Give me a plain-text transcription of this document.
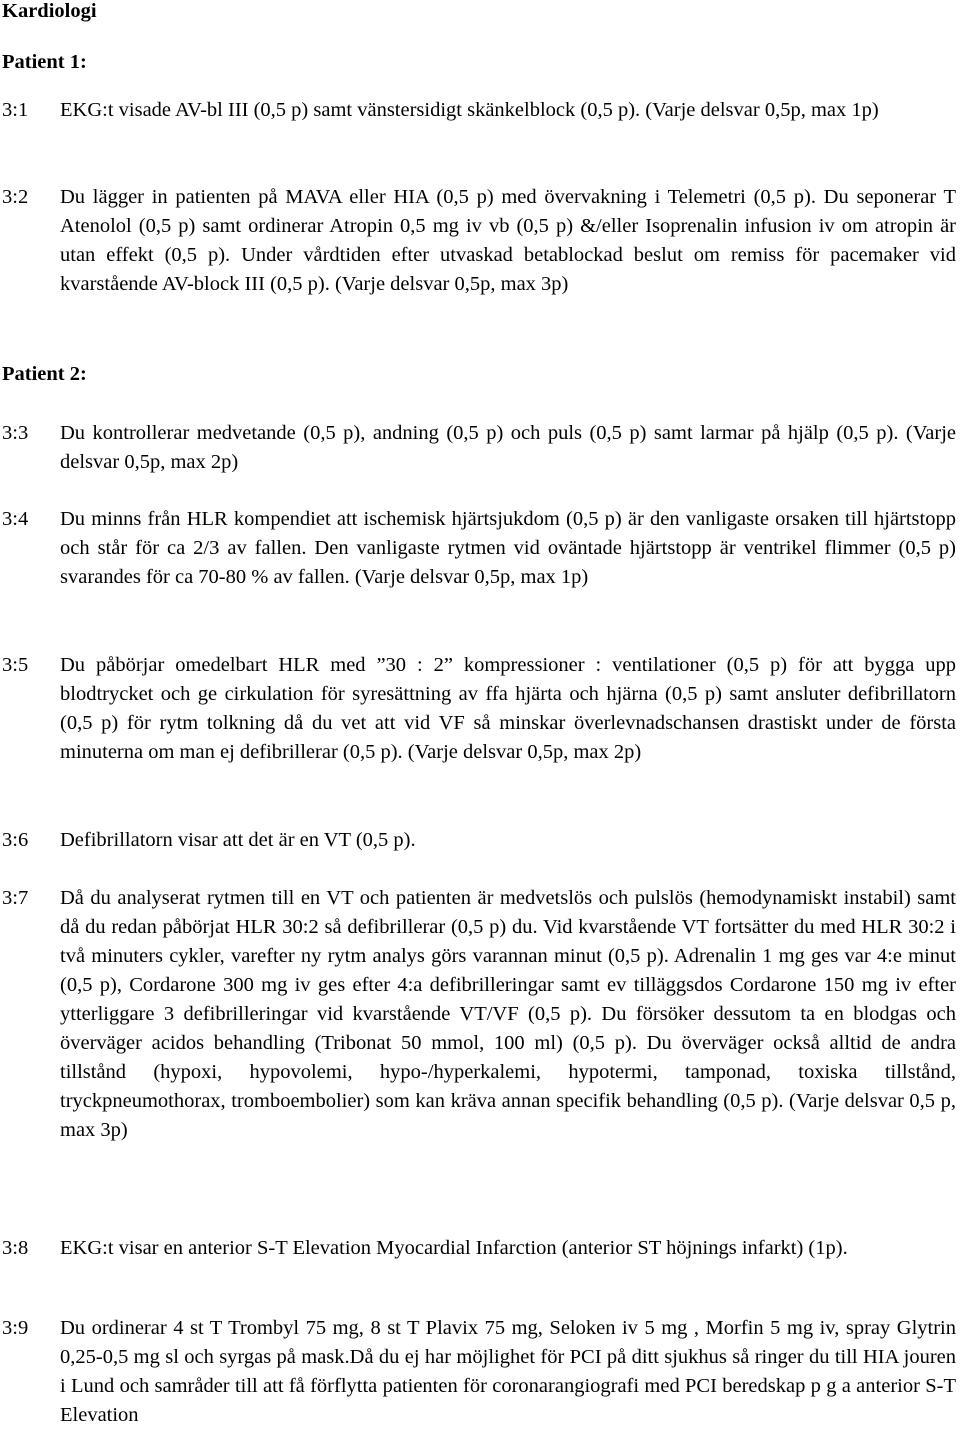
Kardiologi
Patient 1:
3:1 EKG:t visade AV-bl III (0,5 p) samt vänstersidigt skänkelblock (0,5 p). (Varje delsvar 0,5p, max 1p)
3:2 Du lägger in patienten på MAVA eller HIA (0,5 p) med övervakning i Telemetri (0,5 p). Du seponerar T Atenolol (0,5 p) samt ordinerar Atropin 0,5 mg iv vb (0,5 p) &/eller Isoprenalin infusion iv om atropin är utan effekt (0,5 p). Under vårdtiden efter utvaskad betablockad beslut om remiss för pacemaker vid kvarstående AV-block III (0,5 p). (Varje delsvar 0,5p, max 3p)
Patient 2:
3:3 Du kontrollerar medvetande (0,5 p), andning (0,5 p) och puls (0,5 p) samt larmar på hjälp (0,5 p). (Varje delsvar 0,5p, max 2p)
3:4 Du minns från HLR kompendiet att ischemisk hjärtsjukdom (0,5 p) är den vanligaste orsaken till hjärtstopp och står för ca 2/3 av fallen. Den vanligaste rytmen vid oväntade hjärtstopp är ventrikel flimmer (0,5 p) svarandes för ca 70-80 % av fallen. (Varje delsvar 0,5p, max 1p)
3:5 Du påbörjar omedelbart HLR med ”30 : 2” kompressioner : ventilationer (0,5 p) för att bygga upp blodtrycket och ge cirkulation för syresättning av ffa hjärta och hjärna (0,5 p) samt ansluter defibrillatorn (0,5 p) för rytm tolkning då du vet att vid VF så minskar överlevnadschansen drastiskt under de första minuterna om man ej defibrillerar (0,5 p). (Varje delsvar 0,5p, max 2p)
3:6 Defibrillatorn visar att det är en VT (0,5 p).
3:7 Då du analyserat rytmen till en VT och patienten är medvetslös och pulslös (hemodynamiskt instabil) samt då du redan påbörjat HLR 30:2 så defibrillerar (0,5 p) du. Vid kvarstående VT fortsätter du med HLR 30:2 i två minuters cykler, varefter ny rytm analys görs varannan minut (0,5 p). Adrenalin 1 mg ges var 4:e minut (0,5 p), Cordarone 300 mg iv ges efter 4:a defibrilleringar samt ev tilläggsdos Cordarone 150 mg iv efter ytterliggare 3 defibrilleringar vid kvarstående VT/VF (0,5 p). Du försöker dessutom ta en blodgas och överväger acidos behandling (Tribonat 50 mmol, 100 ml) (0,5 p). Du överväger också alltid de andra tillstånd (hypoxi, hypovolemi, hypo-/hyperkalemi, hypotermi, tamponad, toxiska tillstånd, tryckpneumothorax, tromboembolier) som kan kräva annan specifik behandling (0,5 p). (Varje delsvar 0,5 p, max 3p)
3:8 EKG:t visar en anterior S-T Elevation Myocardial Infarction (anterior ST höjnings infarkt) (1p).
3:9 Du ordinerar 4 st T Trombyl 75 mg, 8 st T Plavix 75 mg, Seloken iv 5 mg , Morfin 5 mg iv, spray Glytrin 0,25-0,5 mg sl och syrgas på mask.Då du ej har möjlighet för PCI på ditt sjukhus så ringer du till HIA jouren i Lund och samråder till att få förflytta patienten för coronarangiografi med PCI beredskap p g a anterior S-T Elevation
